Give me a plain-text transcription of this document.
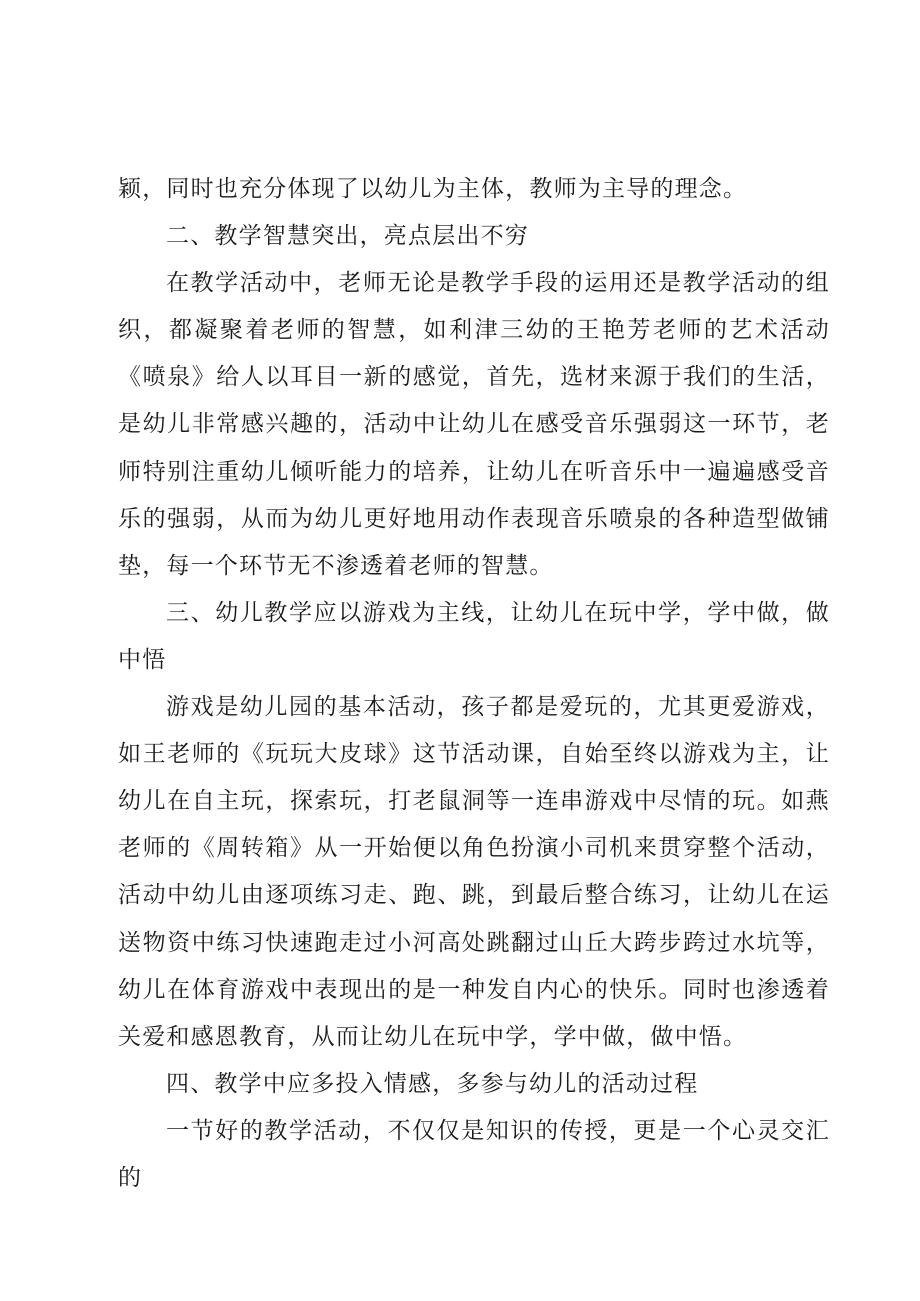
颖，同时也充分体现了以幼儿为主体，教师为主导的理念。

二、教学智慧突出，亮点层出不穷

在教学活动中，老师无论是教学手段的运用还是教学活动的组织，都凝聚着老师的智慧，如利津三幼的王艳芳老师的艺术活动《喷泉》给人以耳目一新的感觉，首先，选材来源于我们的生活，是幼儿非常感兴趣的，活动中让幼儿在感受音乐强弱这一环节，老师特别注重幼儿倾听能力的培养，让幼儿在听音乐中一遍遍感受音乐的强弱，从而为幼儿更好地用动作表现音乐喷泉的各种造型做铺垫，每一个环节无不渗透着老师的智慧。

三、幼儿教学应以游戏为主线，让幼儿在玩中学，学中做，做中悟

游戏是幼儿园的基本活动，孩子都是爱玩的，尤其更爱游戏，如王老师的《玩玩大皮球》这节活动课，自始至终以游戏为主，让幼儿在自主玩，探索玩，打老鼠洞等一连串游戏中尽情的玩。如燕老师的《周转箱》从一开始便以角色扮演小司机来贯穿整个活动，活动中幼儿由逐项练习走、跑、跳，到最后整合练习，让幼儿在运送物资中练习快速跑走过小河高处跳翻过山丘大跨步跨过水坑等，幼儿在体育游戏中表现出的是一种发自内心的快乐。同时也渗透着关爱和感恩教育，从而让幼儿在玩中学，学中做，做中悟。

四、教学中应多投入情感，多参与幼儿的活动过程

一节好的教学活动，不仅仅是知识的传授，更是一个心灵交汇的
